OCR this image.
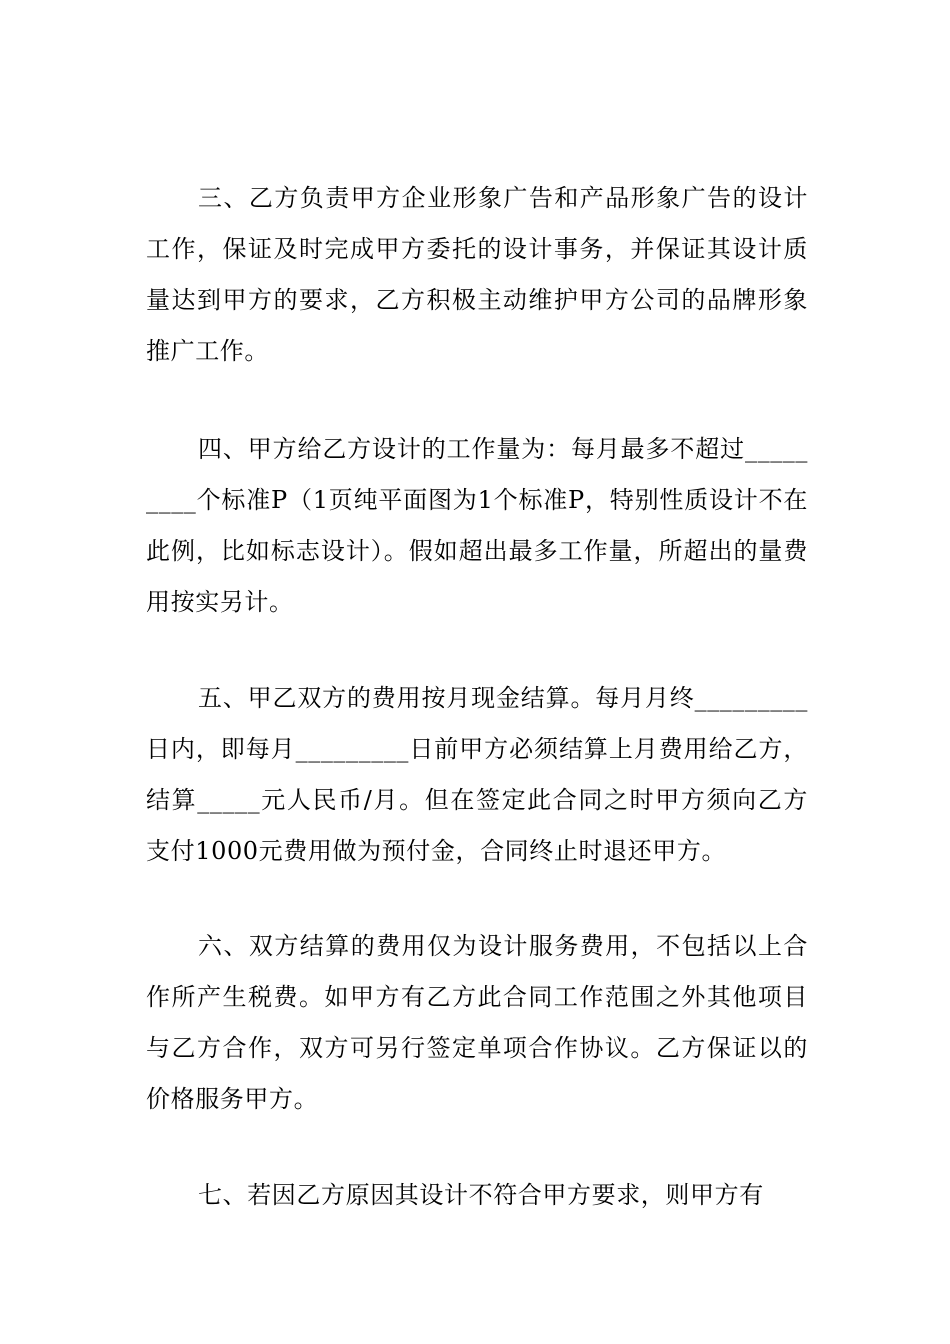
三、乙方负责甲方企业形象广告和产品形象广告的设计工作，保证及时完成甲方委托的设计事务，并保证其设计质量达到甲方的要求，乙方积极主动维护甲方公司的品牌形象推广工作。

四、甲方给乙方设计的工作量为：每月最多不超过_________个标准P（1页纯平面图为1个标准P，特别性质设计不在此例，比如标志设计）。假如超出最多工作量，所超出的量费用按实另计。

五、甲乙双方的费用按月现金结算。每月月终_________日内，即每月_________日前甲方必须结算上月费用给乙方，结算_____元人民币/月。但在签定此合同之时甲方须向乙方支付1000元费用做为预付金，合同终止时退还甲方。

六、双方结算的费用仅为设计服务费用，不包括以上合作所产生税费。如甲方有乙方此合同工作范围之外其他项目与乙方合作，双方可另行签定单项合作协议。乙方保证以的价格服务甲方。

七、若因乙方原因其设计不符合甲方要求，则甲方有
